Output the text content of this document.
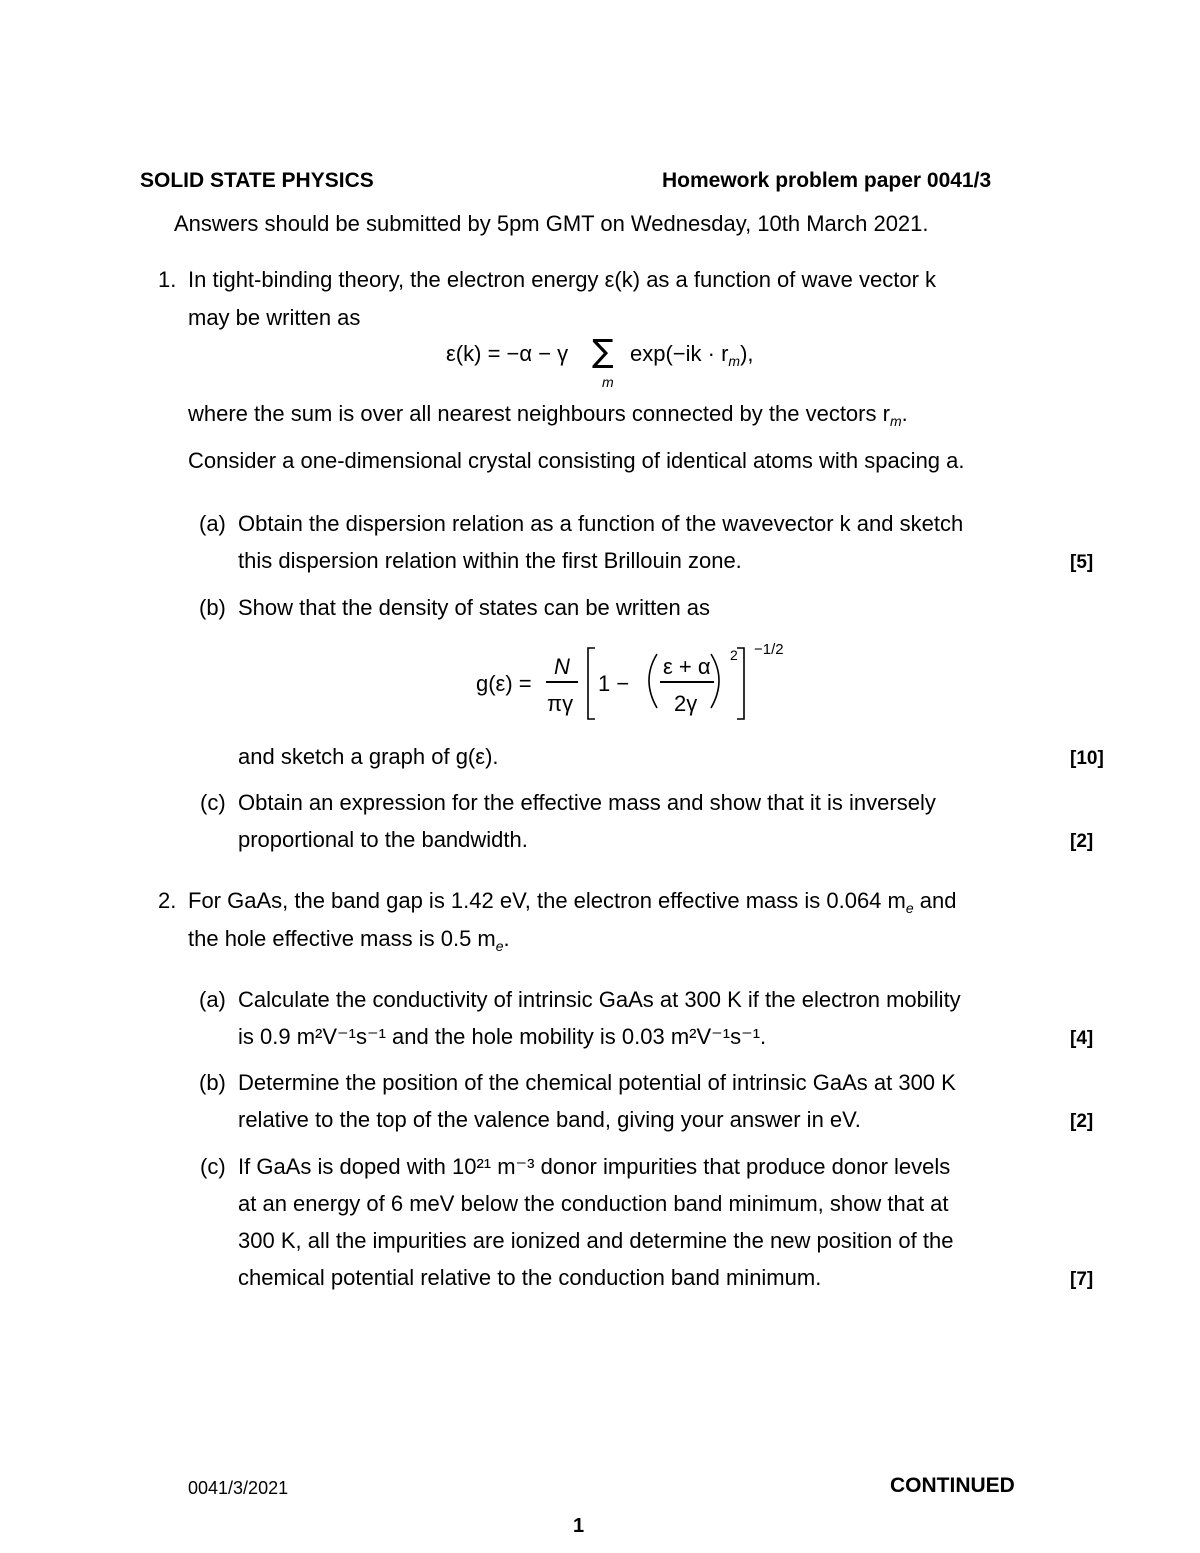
SOLID STATE PHYSICS	Homework problem paper 0041/3
Answers should be submitted by 5pm GMT on Wednesday, 10th March 2021.
1. In tight-binding theory, the electron energy ε(k) as a function of wave vector k
may be written as
ε(k) = −α − γ ∑
m
$\exp(-ik \cdot r_m)$,
where the sum is over all nearest neighbours connected by the vectors $r_m$.
Consider a one-dimensional crystal consisting of identical atoms with spacing a.
(a) Obtain the dispersion relation as a function of the wavevector k and sketch
this dispersion relation within the first Brillouin zone.	[5]
(b) Show that the density of states can be written as
g(ε) =
N
πγ
1 −
ε + α
2γ
2 −1/2
and sketch a graph of g(ε).	[10]
(c) Obtain an expression for the effective mass and show that it is inversely
proportional to the bandwidth.	[2]
2. For GaAs, the band gap is 1.42 eV, the electron effective mass is 0.064 $m_e$ and
the hole effective mass is 0.5 $m_e$.
(a) Calculate the conductivity of intrinsic GaAs at 300 K if the electron mobility
is 0.9 m²V⁻¹s⁻¹ and the hole mobility is 0.03 m²V⁻¹s⁻¹.	[4]
(b) Determine the position of the chemical potential of intrinsic GaAs at 300 K
relative to the top of the valence band, giving your answer in eV.	[2]
(c) If GaAs is doped with 10²¹ m⁻³ donor impurities that produce donor levels
at an energy of 6 meV below the conduction band minimum, show that at
300 K, all the impurities are ionized and determine the new position of the
chemical potential relative to the conduction band minimum.	[7]
0041/3/2021	CONTINUED
1
